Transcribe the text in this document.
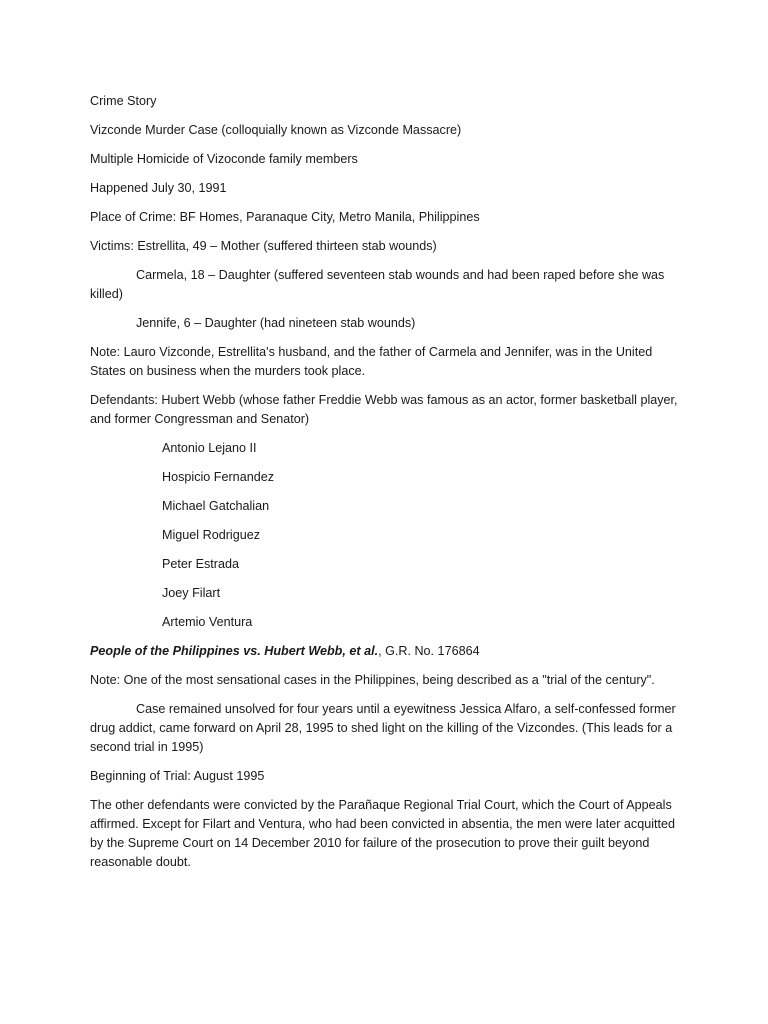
Crime Story

Vizconde Murder Case (colloquially known as Vizconde Massacre)

Multiple Homicide of Vizoconde family members

Happened July 30, 1991

Place of Crime: BF Homes, Paranaque City, Metro Manila, Philippines

Victims: Estrellita, 49 – Mother (suffered thirteen stab wounds)

Carmela, 18 – Daughter (suffered seventeen stab wounds and had been raped before she was killed)

Jennife, 6 – Daughter (had nineteen stab wounds)

Note: Lauro Vizconde, Estrellita's husband, and the father of Carmela and Jennifer, was in the United States on business when the murders took place.

Defendants: Hubert Webb (whose father Freddie Webb was famous as an actor, former basketball player, and former Congressman and Senator)

Antonio Lejano II

Hospicio Fernandez

Michael Gatchalian

Miguel Rodriguez

Peter Estrada

Joey Filart

Artemio Ventura

People of the Philippines vs. Hubert Webb, et al., G.R. No. 176864

Note: One of the most sensational cases in the Philippines, being described as a "trial of the century".

Case remained unsolved for four years until a eyewitness Jessica Alfaro, a self-confessed former drug addict, came forward on April 28, 1995 to shed light on the killing of the Vizcondes. (This leads for a second trial in 1995)

Beginning of Trial: August 1995

The other defendants were convicted by the Parañaque Regional Trial Court, which the Court of Appeals affirmed. Except for Filart and Ventura, who had been convicted in absentia, the men were later acquitted by the Supreme Court on 14 December 2010 for failure of the prosecution to prove their guilt beyond reasonable doubt.
